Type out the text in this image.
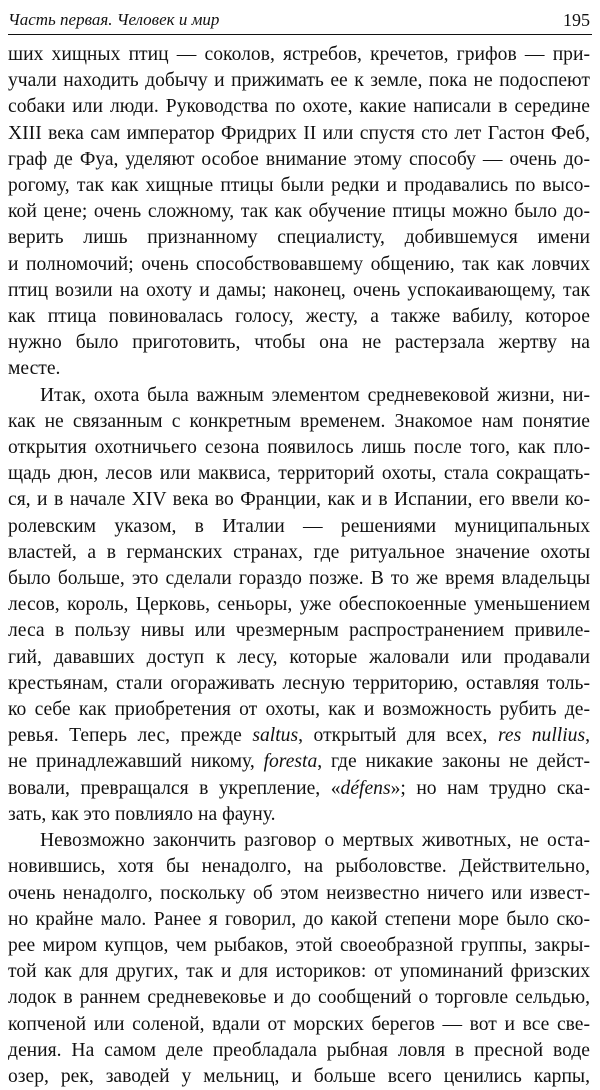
Часть первая. Человек и мир	195

ших хищных птиц — соколов, ястребов, кречетов, грифов — при-
учали находить добычу и прижимать ее к земле, пока не подоспеют
собаки или люди. Руководства по охоте, какие написали в середине
XIII века сам император Фридрих II или спустя сто лет Гастон Феб,
граф де Фуа, уделяют особое внимание этому способу — очень до-
рогому, так как хищные птицы были редки и продавались по высо-
кой цене; очень сложному, так как обучение птицы можно было до-
верить лишь признанному специалисту, добившемуся имени
и полномочий; очень способствовавшему общению, так как ловчих
птиц возили на охоту и дамы; наконец, очень успокаивающему, так
как птица повиновалась голосу, жесту, а также вабилу, которое
нужно было приготовить, чтобы она не растерзала жертву на
месте.

Итак, охота была важным элементом средневековой жизни, ни-
как не связанным с конкретным временем. Знакомое нам понятие
открытия охотничьего сезона появилось лишь после того, как пло-
щадь дюн, лесов или маквиса, территорий охоты, стала сокращать-
ся, и в начале XIV века во Франции, как и в Испании, его ввели ко-
ролевским указом, в Италии — решениями муниципальных
властей, а в германских странах, где ритуальное значение охоты
было больше, это сделали гораздо позже. В то же время владельцы
лесов, король, Церковь, сеньоры, уже обеспокоенные уменьшением
леса в пользу нивы или чрезмерным распространением привиле-
гий, дававших доступ к лесу, которые жаловали или продавали
крестьянам, стали огораживать лесную территорию, оставляя толь-
ко себе как приобретения от охоты, как и возможность рубить де-
ревья. Теперь лес, прежде saltus, открытый для всех, res nullius,
не принадлежавший никому, foresta, где никакие законы не дейст-
вовали, превращался в укрепление, «défens»; но нам трудно ска-
зать, как это повлияло на фауну.

Невозможно закончить разговор о мертвых животных, не оста-
новившись, хотя бы ненадолго, на рыболовстве. Действительно,
очень ненадолго, поскольку об этом неизвестно ничего или извест-
но крайне мало. Ранее я говорил, до какой степени море было ско-
рее миром купцов, чем рыбаков, этой своеобразной группы, закры-
той как для других, так и для историков: от упоминаний фризских
лодок в раннем средневековье и до сообщений о торговле сельдью,
копченой или соленой, вдали от морских берегов — вот и все све-
дения. На самом деле преобладала рыбная ловля в пресной воде
озер, рек, заводей у мельниц, и больше всего ценились карпы,
